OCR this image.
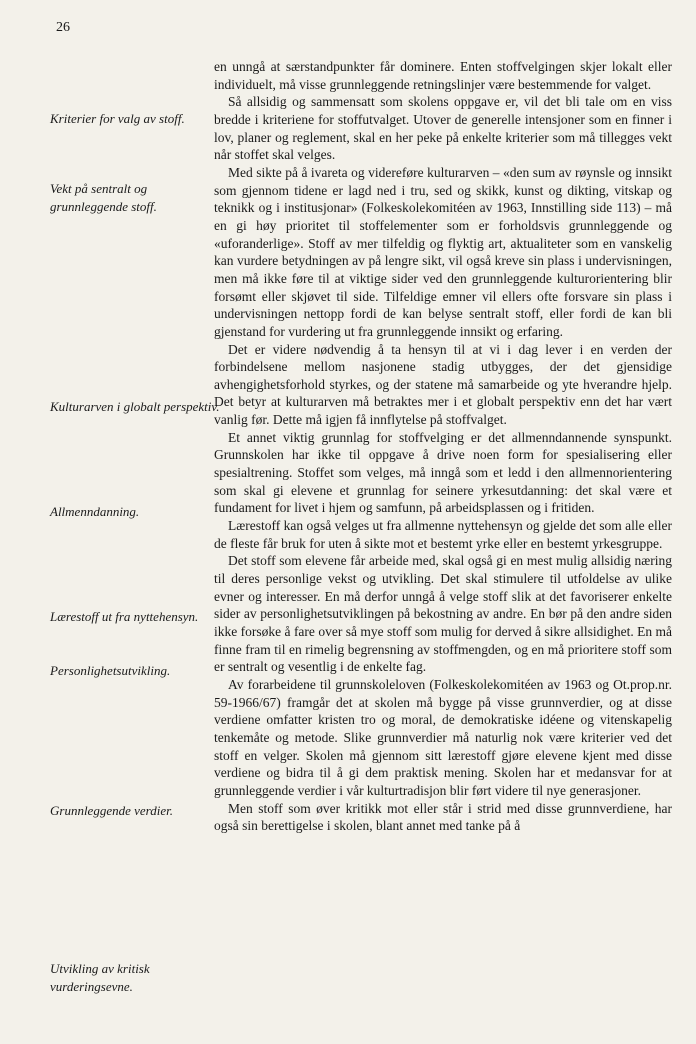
26
Kriterier for valg av stoff.
Vekt på sentralt og grunnleggende stoff.
Kulturarven i globalt perspektiv.
Allmenndanning.
Lærestoff ut fra nyttehensyn.
Personlighetsutvikling.
Grunnleggende verdier.
Utvikling av kritisk vurderingsevne.

en unngå at særstandpunkter får dominere. Enten stoffvelgingen skjer lokalt eller individuelt, må visse grunnleggende retningslinjer være bestemmende for valget.

Så allsidig og sammensatt som skolens oppgave er, vil det bli tale om en viss bredde i kriteriene for stoffutvalget. Utover de generelle intensjoner som en finner i lov, planer og reglement, skal en her peke på enkelte kriterier som må tillegges vekt når stoffet skal velges.

Med sikte på å ivareta og videreføre kulturarven – «den sum av røynsle og innsikt som gjennom tidene er lagd ned i tru, sed og skikk, kunst og dikting, vitskap og teknikk og i institusjonar» (Folkeskolekomitéen av 1963, Innstilling side 113) – må en gi høy prioritet til stoffelementer som er forholdsvis grunnleggende og «uforanderlige». Stoff av mer tilfeldig og flyktig art, aktualiteter som en vanskelig kan vurdere betydningen av på lengre sikt, vil også kreve sin plass i undervisningen, men må ikke føre til at viktige sider ved den grunnleggende kulturorientering blir forsømt eller skjøvet til side. Tilfeldige emner vil ellers ofte forsvare sin plass i undervisningen nettopp fordi de kan belyse sentralt stoff, eller fordi de kan bli gjenstand for vurdering ut fra grunnleggende innsikt og erfaring.

Det er videre nødvendig å ta hensyn til at vi i dag lever i en verden der forbindelsene mellom nasjonene stadig utbygges, der det gjensidige avhengighetsforhold styrkes, og der statene må samarbeide og yte hverandre hjelp. Det betyr at kulturarven må betraktes mer i et globalt perspektiv enn det har vært vanlig før. Dette må igjen få innflytelse på stoffvalget.

Et annet viktig grunnlag for stoffvelging er det allmenndannende synspunkt. Grunnskolen har ikke til oppgave å drive noen form for spesialisering eller spesialtrening. Stoffet som velges, må inngå som et ledd i den allmennorientering som skal gi elevene et grunnlag for seinere yrkesutdanning: det skal være et fundament for livet i hjem og samfunn, på arbeidsplassen og i fritiden.

Lærestoff kan også velges ut fra allmenne nyttehensyn og gjelde det som alle eller de fleste får bruk for uten å sikte mot et bestemt yrke eller en bestemt yrkesgruppe.

Det stoff som elevene får arbeide med, skal også gi en mest mulig allsidig næring til deres personlige vekst og utvikling. Det skal stimulere til utfoldelse av ulike evner og interesser. En må derfor unngå å velge stoff slik at det favoriserer enkelte sider av personlighetsutviklingen på bekostning av andre. En bør på den andre siden ikke forsøke å fare over så mye stoff som mulig for derved å sikre allsidighet. En må finne fram til en rimelig begrensning av stoffmengden, og en må prioritere stoff som er sentralt og vesentlig i de enkelte fag.

Av forarbeidene til grunnskoleloven (Folkeskolekomitéen av 1963 og Ot.prop.nr. 59-1966/67) framgår det at skolen må bygge på visse grunnverdier, og at disse verdiene omfatter kristen tro og moral, de demokratiske idéene og vitenskapelig tenkemåte og metode. Slike grunnverdier må naturlig nok være kriterier ved det stoff en velger. Skolen må gjennom sitt lærestoff gjøre elevene kjent med disse verdiene og bidra til å gi dem praktisk mening. Skolen har et medansvar for at grunnleggende verdier i vår kulturtradisjon blir ført videre til nye generasjoner.

Men stoff som øver kritikk mot eller står i strid med disse grunnverdiene, har også sin berettigelse i skolen, blant annet med tanke på å
